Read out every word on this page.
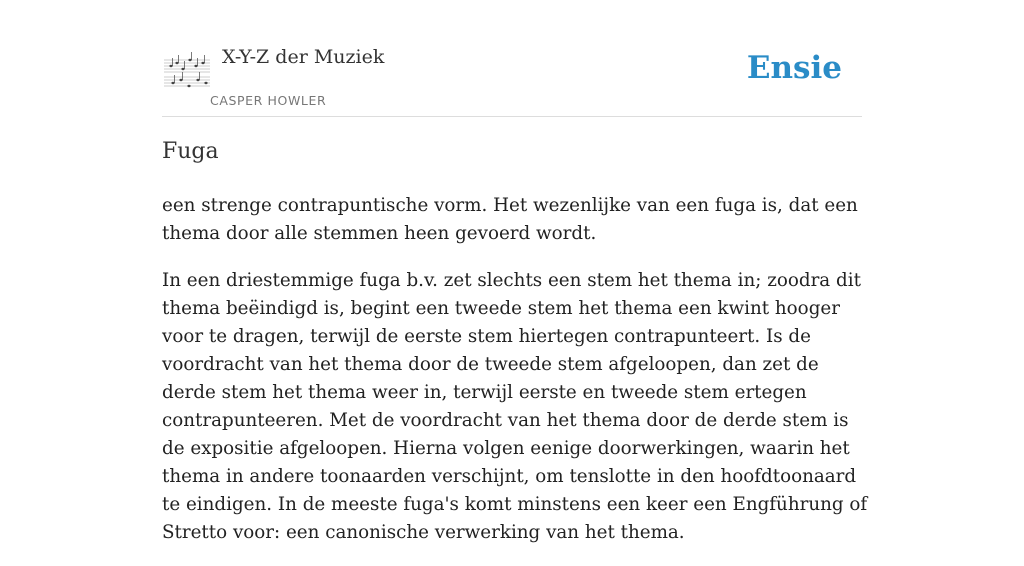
X-Y-Z der Muziek
CASPER HOWLER
Ensie
Fuga

een strenge contrapuntische vorm. Het wezenlijke van een fuga is, dat een thema door alle stemmen heen gevoerd wordt.

In een driestemmige fuga b.v. zet slechts een stem het thema in; zoodra dit thema beëindigd is, begint een tweede stem het thema een kwint hooger voor te dragen, terwijl de eerste stem hiertegen contrapunteert. Is de voordracht van het thema door de tweede stem afgeloopen, dan zet de derde stem het thema weer in, terwijl eerste en tweede stem ertegen contrapunteeren. Met de voordracht van het thema door de derde stem is de expositie afgeloopen. Hierna volgen eenige doorwerkingen, waarin het thema in andere toonaarden verschijnt, om tenslotte in den hoofdtoonaard te eindigen. In de meeste fuga's komt minstens een keer een Engführung of Stretto voor: een canonische verwerking van het thema.
